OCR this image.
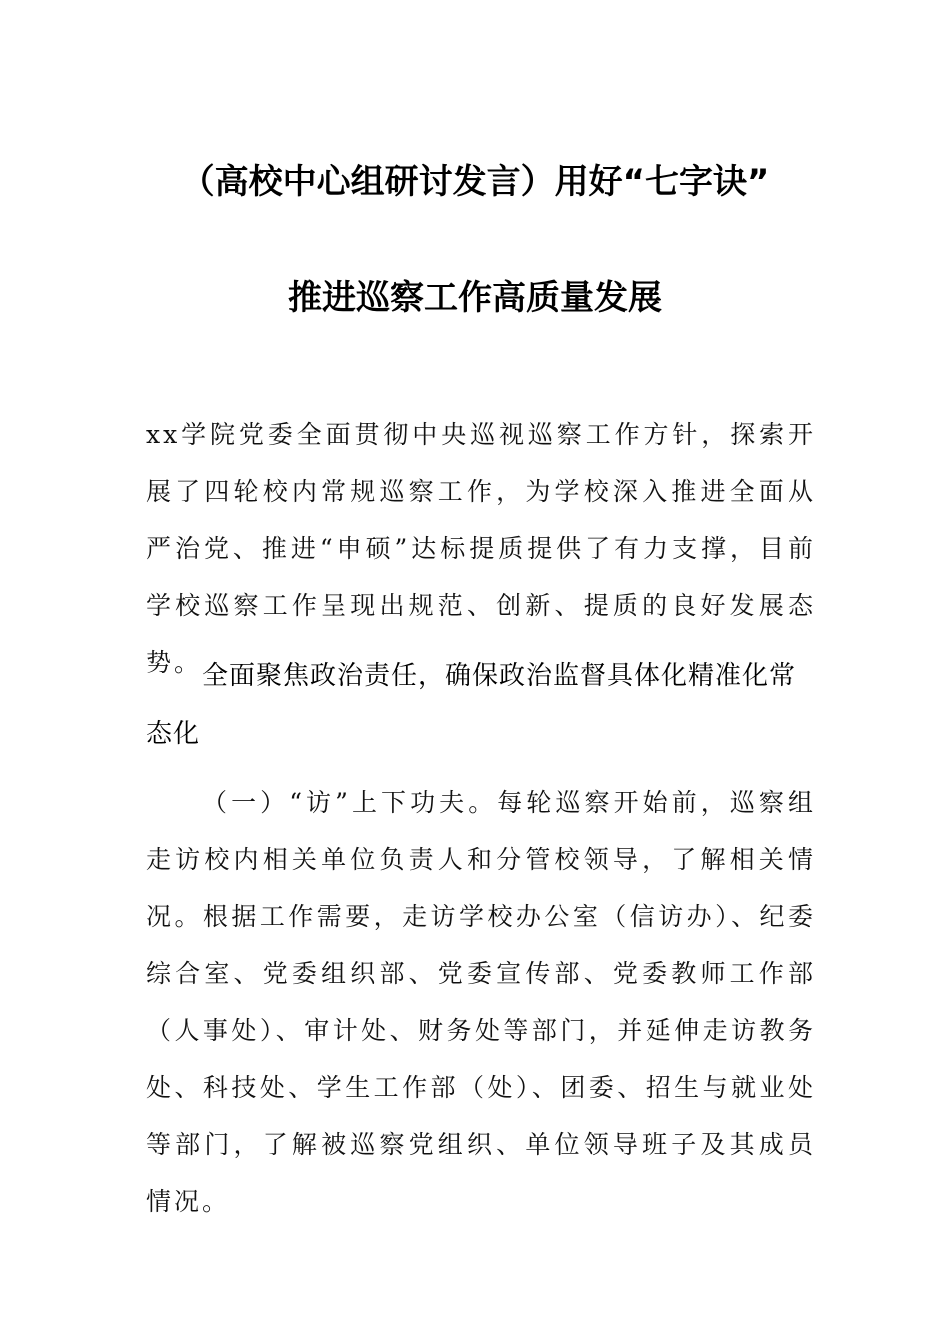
（高校中心组研讨发言）用好“七字诀”
推进巡察工作高质量发展
xx学院党委全面贯彻中央巡视巡察工作方针，探索开展了四轮校内常规巡察工作，为学校深入推进全面从严治党、推进“申硕”达标提质提供了有力支撑，目前学校巡察工作呈现出规范、创新、提质的良好发展态势。 全面聚焦政治责任，确保政治监督具体化精准化常态化
（一）“访”上下功夫。每轮巡察开始前，巡察组走访校内相关单位负责人和分管校领导，了解相关情况。根据工作需要，走访学校办公室（信访办）、纪委综合室、党委组织部、党委宣传部、党委教师工作部（人事处）、审计处、财务处等部门，并延伸走访教务处、科技处、学生工作部（处）、团委、招生与就业处等部门，了解被巡察党组织、单位领导班子及其成员情况。
